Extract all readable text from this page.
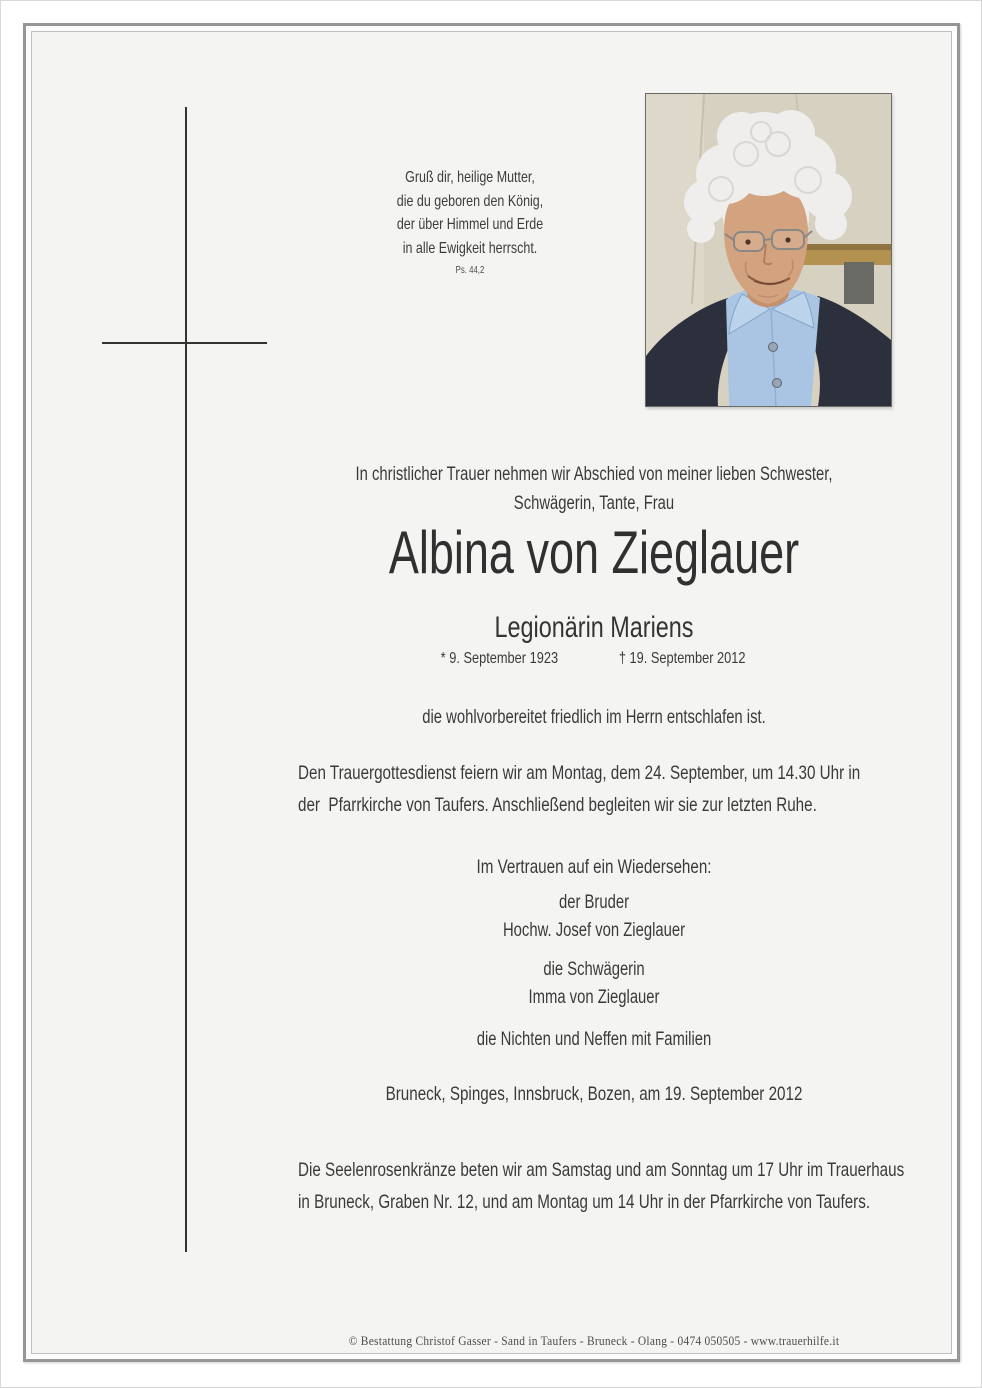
Gruß dir, heilige Mutter,
die du geboren den König,
der über Himmel und Erde
in alle Ewigkeit herrscht.
Ps. 44,2
In christlicher Trauer nehmen wir Abschied von meiner lieben Schwester,
Schwägerin, Tante, Frau
Albina von Zieglauer
Legionärin Mariens
* 9. September 1923	† 19. September 2012
die wohlvorbereitet friedlich im Herrn entschlafen ist.
Den Trauergottesdienst feiern wir am Montag, dem 24. September, um 14.30 Uhr in
der  Pfarrkirche von Taufers. Anschließend begleiten wir sie zur letzten Ruhe.
Im Vertrauen auf ein Wiedersehen:
der Bruder
Hochw. Josef von Zieglauer
die Schwägerin
Imma von Zieglauer
die Nichten und Neffen mit Familien
Bruneck, Spinges, Innsbruck, Bozen, am 19. September 2012
Die Seelenrosenkränze beten wir am Samstag und am Sonntag um 17 Uhr im Trauerhaus
in Bruneck, Graben Nr. 12, und am Montag um 14 Uhr in der Pfarrkirche von Taufers.
© Bestattung Christof Gasser - Sand in Taufers - Bruneck - Olang - 0474 050505 - www.trauerhilfe.it
